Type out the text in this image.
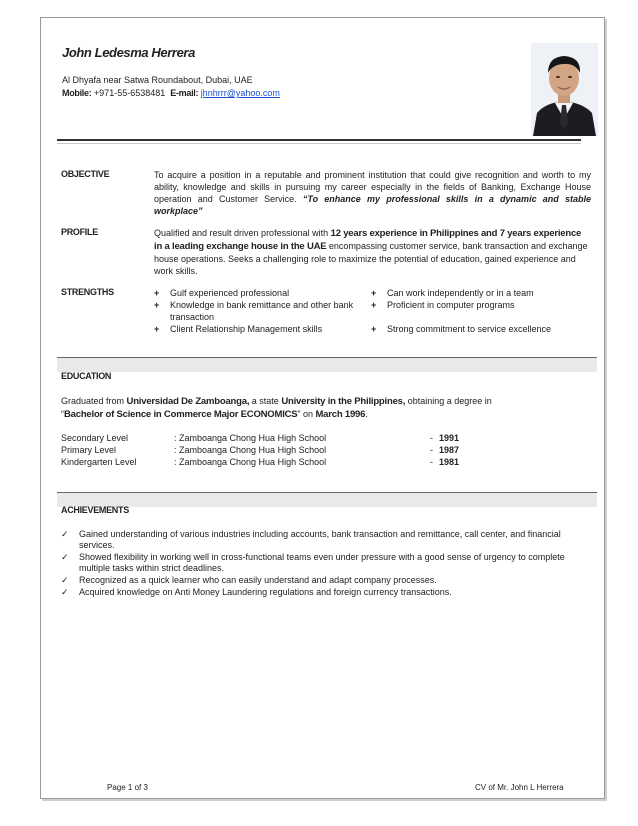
John Ledesma Herrera
Al Dhyafa near Satwa Roundabout, Dubai, UAE
Mobile: +971-55-6538481 E-mail: jhnhrrr@yahoo.com
OBJECTIVE	To acquire a position in a reputable and prominent institution that could give recognition and worth to my ability, knowledge and skills in pursuing my career especially in the fields of Banking, Exchange House operation and Customer Service. “To enhance my professional skills in a dynamic and stable workplace”
PROFILE	Qualified and result driven professional with 12 years experience in Philippines and 7 years experience in a leading exchange house in the UAE encompassing customer service, bank transaction and exchange house operations. Seeks a challenging role to maximize the potential of education, gained experience and work skills.
STRENGTHS
+	Gulf experienced professional
+ Knowledge in bank remittance and other bank transaction
+ Client Relationship Management skills
+ Can work independently or in a team
+ Proficient in computer programs
+ Strong commitment to service excellence
EDUCATION
Graduated from Universidad De Zamboanga, a state University in the Philippines, obtaining a degree in
“Bachelor of Science in Commerce Major ECONOMICS” on March 1996.
Secondary Level	: Zamboanga Chong Hua High School	- 1991
Primary Level	: Zamboanga Chong Hua High School	- 1987
Kindergarten Level	: Zamboanga Chong Hua High School	- 1981
ACHIEVEMENTS
✓ Gained understanding of various industries including accounts, bank transaction and remittance, call center, and financial services.
✓ Showed flexibility in working well in cross-functional teams even under pressure with a good sense of urgency to complete multiple tasks within strict deadlines.
✓ Recognized as a quick learner who can easily understand and adapt company processes.
✓ Acquired knowledge on Anti Money Laundering regulations and foreign currency transactions.
Page 1 of 3	CV of Mr. John L Herrera
